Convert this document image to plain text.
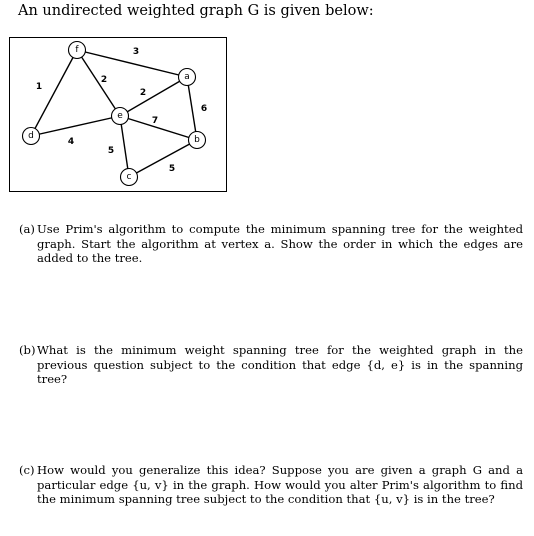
An undirected weighted graph G is given below:
3
1
2
2
6
7
4
5
5
f
a
e
d	b
c
(a) Use Prim's algorithm to compute the minimum spanning tree for the weighted graph. Start the algorithm at vertex a. Show the order in which the edges are added to the tree.
(b) What is the minimum weight spanning tree for the weighted graph in the previous question subject to the condition that edge {d, e} is in the spanning tree?
(c) How would you generalize this idea? Suppose you are given a graph G and a particular edge {u, v} in the graph. How would you alter Prim's algorithm to find the minimum spanning tree subject to the condition that {u, v} is in the tree?
